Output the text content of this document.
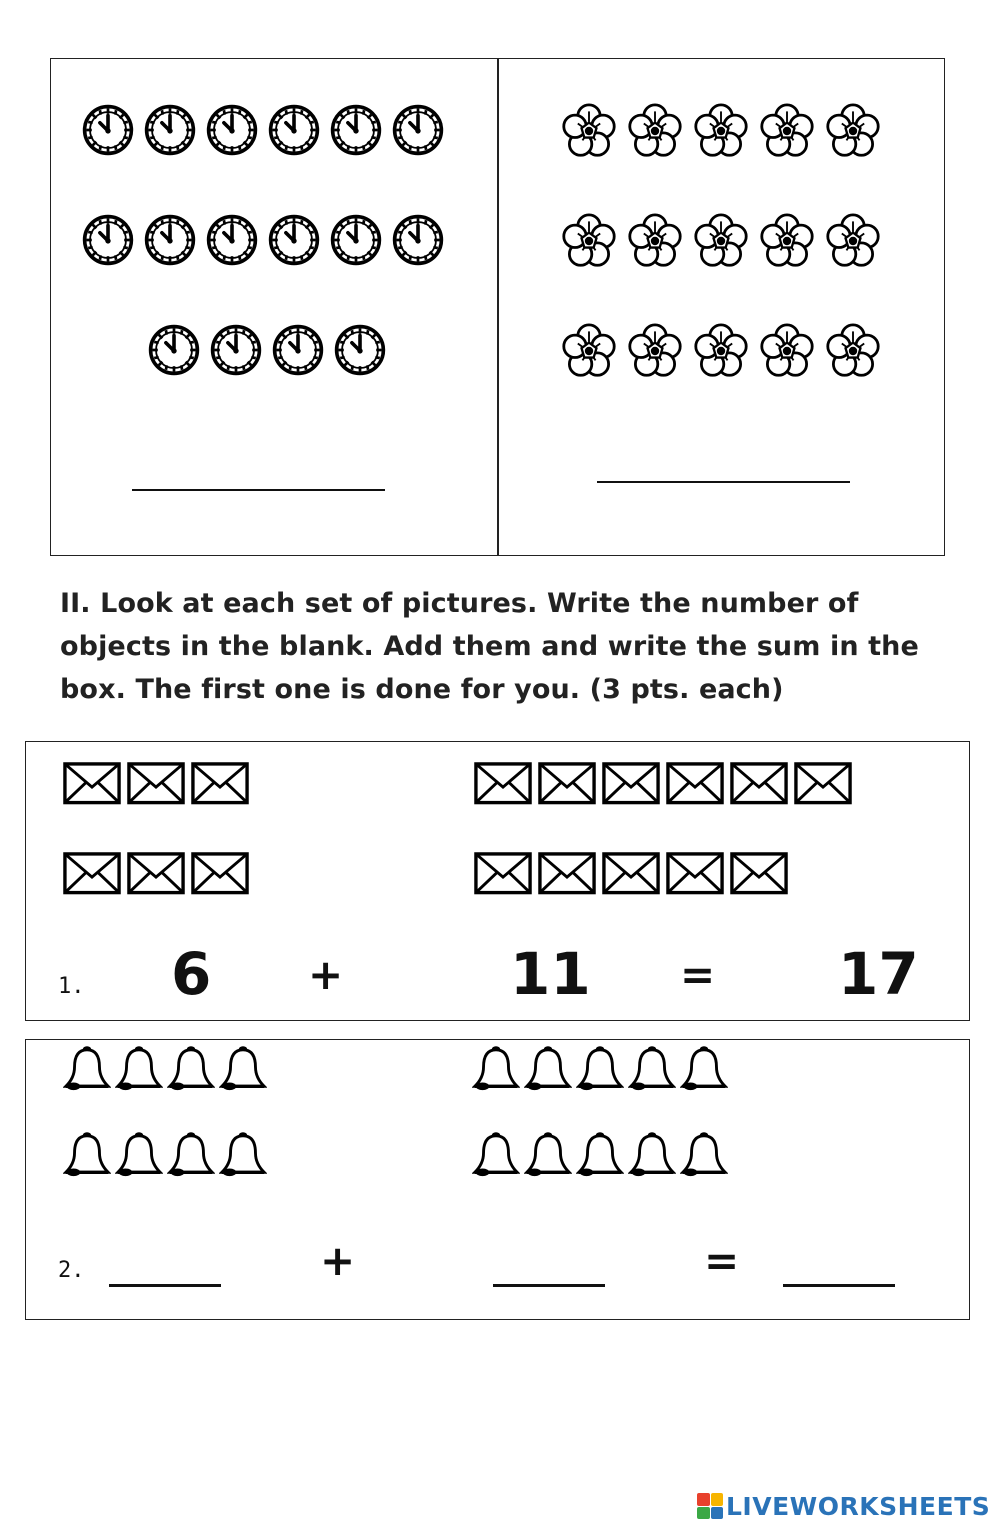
II. Look at each set of pictures. Write the number of objects in the blank. Add them and write the sum in the box. The first one is done for you. (3 pts. each)
1. 6 +	11 = 17
2.	+	=
LIVEWORKSHEETS
